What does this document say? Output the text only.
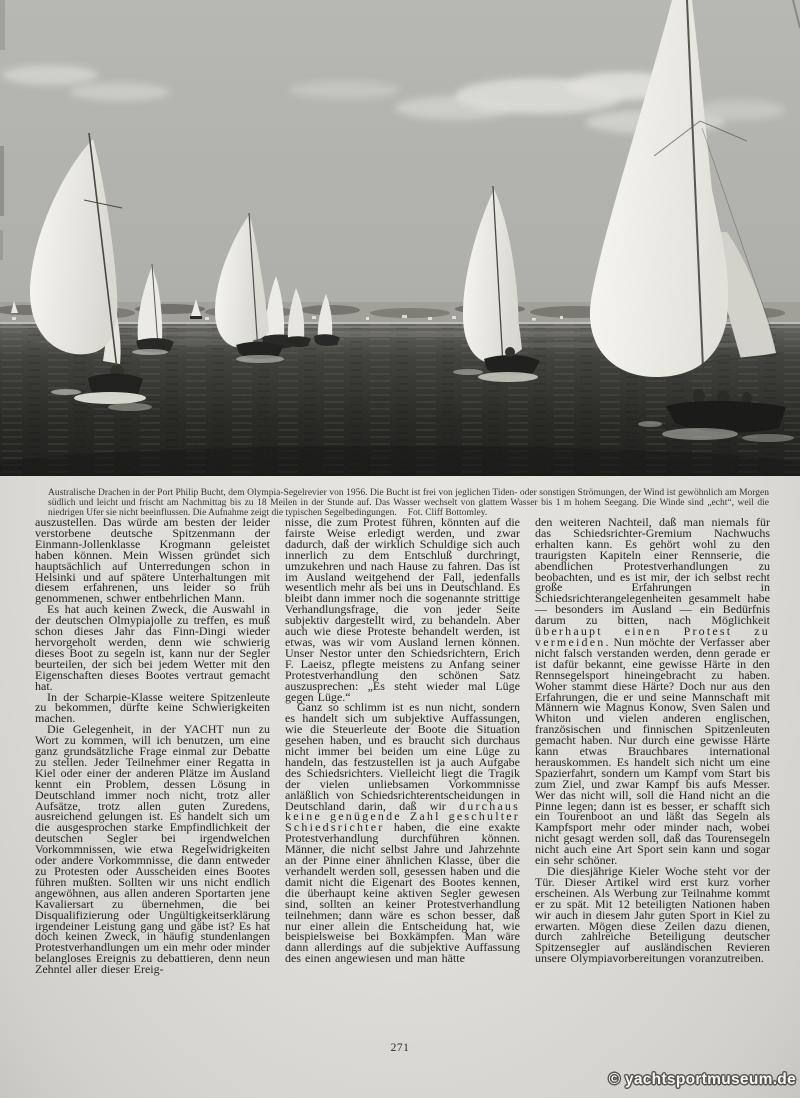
Australische Drachen in der Port Philip Bucht, dem Olympia-Segelrevier von 1956. Die Bucht ist frei von jeglichen Tiden- oder sonstigen Strömungen, der Wind ist gewöhnlich am Morgen südlich und leicht und frischt am Nachmittag bis zu 18 Meilen in der Stunde auf. Das Wasser wechselt von glattem Wasser bis 1 m hohem Seegang. Die Winde sind „echt“, weil die niedrigen Ufer sie nicht beeinflussen. Die Aufnahme zeigt die typischen Segelbedingungen. Fot. Cliff Bottomley.

auszustellen. Das würde am besten der leider verstorbene deutsche Spitzenmann der Einmann-Jollenklasse Krogmann geleistet haben können. Mein Wissen gründet sich hauptsächlich auf Unterredungen schon in Helsinki und auf spätere Unterhaltungen mit diesem erfahrenen, uns leider so früh genommenen, schwer entbehrlichen Mann.

Es hat auch keinen Zweck, die Auswahl in der deutschen Olmypiajolle zu treffen, es muß schon dieses Jahr das Finn-Dingi wieder hervorgeholt werden, denn wie schwierig dieses Boot zu segeln ist, kann nur der Segler beurteilen, der sich bei jedem Wetter mit den Eigenschaften dieses Bootes vertraut gemacht hat.

In der Scharpie-Klasse weitere Spitzenleute zu bekommen, dürfte keine Schwierigkeiten machen.

Die Gelegenheit, in der YACHT nun zu Wort zu kommen, will ich benutzen, um eine ganz grundsätzliche Frage einmal zur Debatte zu stellen. Jeder Teilnehmer einer Regatta in Kiel oder einer der anderen Plätze im Ausland kennt ein Problem, dessen Lösung in Deutschland immer noch nicht, trotz aller Aufsätze, trotz allen guten Zuredens, ausreichend gelungen ist. Es handelt sich um die ausgesprochen starke Empfindlichkeit der deutschen Segler bei irgendwelchen Vorkommnissen, wie etwa Regelwidrigkeiten oder andere Vorkommnisse, die dann entweder zu Protesten oder Ausscheiden eines Bootes führen mußten. Sollten wir uns nicht endlich angewöhnen, aus allen anderen Sportarten jene Kavaliersart zu übernehmen, die bei Disqualifizierung oder Ungültigkeitserklärung irgendeiner Leistung gang und gäbe ist? Es hat doch keinen Zweck, in häufig stundenlangen Protestverhandlungen um ein mehr oder minder belangloses Ereignis zu debattieren, denn neun Zehntel aller dieser Ereig-

nisse, die zum Protest führen, könnten auf die fairste Weise erledigt werden, und zwar dadurch, daß der wirklich Schuldige sich auch innerlich zu dem Entschluß durchringt, umzukehren und nach Hause zu fahren. Das ist im Ausland weitgehend der Fall, jedenfalls wesentlich mehr als bei uns in Deutschland. Es bleibt dann immer noch die sogenannte strittige Verhandlungsfrage, die von jeder Seite subjektiv dargestellt wird, zu behandeln. Aber auch wie diese Proteste behandelt werden, ist etwas, was wir vom Ausland lernen können. Unser Nestor unter den Schiedsrichtern, Erich F. Laeisz, pflegte meistens zu Anfang seiner Protestverhandlung den schönen Satz auszusprechen: „Es steht wieder mal Lüge gegen Lüge.“

Ganz so schlimm ist es nun nicht, sondern es handelt sich um subjektive Auffassungen, wie die Steuerleute der Boote die Situation gesehen haben, und es braucht sich durchaus nicht immer bei beiden um eine Lüge zu handeln, das festzustellen ist ja auch Aufgabe des Schiedsrichters. Vielleicht liegt die Tragik der vielen unliebsamen Vorkommnisse anläßlich von Schiedsrichterentscheidungen in Deutschland darin, daß wir durchaus keine genügende Zahl geschulter Schiedsrichter haben, die eine exakte Protestverhandlung durchführen können. Männer, die nicht selbst Jahre und Jahrzehnte an der Pinne einer ähnlichen Klasse, über die verhandelt werden soll, gesessen haben und die damit nicht die Eigenart des Bootes kennen, die überhaupt keine aktiven Segler gewesen sind, sollten an keiner Protestverhandlung teilnehmen; dann wäre es schon besser, daß nur einer allein die Entscheidung hat, wie beispielsweise bei Boxkämpfen. Man wäre dann allerdings auf die subjektive Auffassung des einen angewiesen und man hätte

den weiteren Nachteil, daß man niemals für das Schiedsrichter-Gremium Nachwuchs erhalten kann. Es gehört wohl zu den traurigsten Kapiteln einer Rennserie, die abendlichen Protestverhandlungen zu beobachten, und es ist mir, der ich selbst recht große Erfahrungen in Schiedsrichterangelegenheiten gesammelt habe — besonders im Ausland — ein Bedürfnis darum zu bitten, nach Möglichkeit überhaupt einen Protest zu vermeiden. Nun möchte der Verfasser aber nicht falsch verstanden werden, denn gerade er ist dafür bekannt, eine gewisse Härte in den Rennsegelsport hineingebracht zu haben. Woher stammt diese Härte? Doch nur aus den Erfahrungen, die er und seine Mannschaft mit Männern wie Magnus Konow, Sven Salen und Whiton und vielen anderen englischen, französischen und finnischen Spitzenleuten gemacht haben. Nur durch eine gewisse Härte kann etwas Brauchbares international herauskommen. Es handelt sich nicht um eine Spazierfahrt, sondern um Kampf vom Start bis zum Ziel, und zwar Kampf bis aufs Messer. Wer das nicht will, soll die Hand nicht an die Pinne legen; dann ist es besser, er schafft sich ein Tourenboot an und läßt das Segeln als Kampfsport mehr oder minder nach, wobei nicht gesagt werden soll, daß das Tourensegeln nicht auch eine Art Sport sein kann und sogar ein sehr schöner.

Die diesjährige Kieler Woche steht vor der Tür. Dieser Artikel wird erst kurz vorher erscheinen. Als Werbung zur Teilnahme kommt er zu spät. Mit 12 beteiligten Nationen haben wir auch in diesem Jahr guten Sport in Kiel zu erwarten. Mögen diese Zeilen dazu dienen, durch zahlreiche Beteiligung deutscher Spitzensegler auf ausländischen Revieren unsere Olympiavorbereitungen voranzutreiben.

271
© yachtsportmuseum.de
